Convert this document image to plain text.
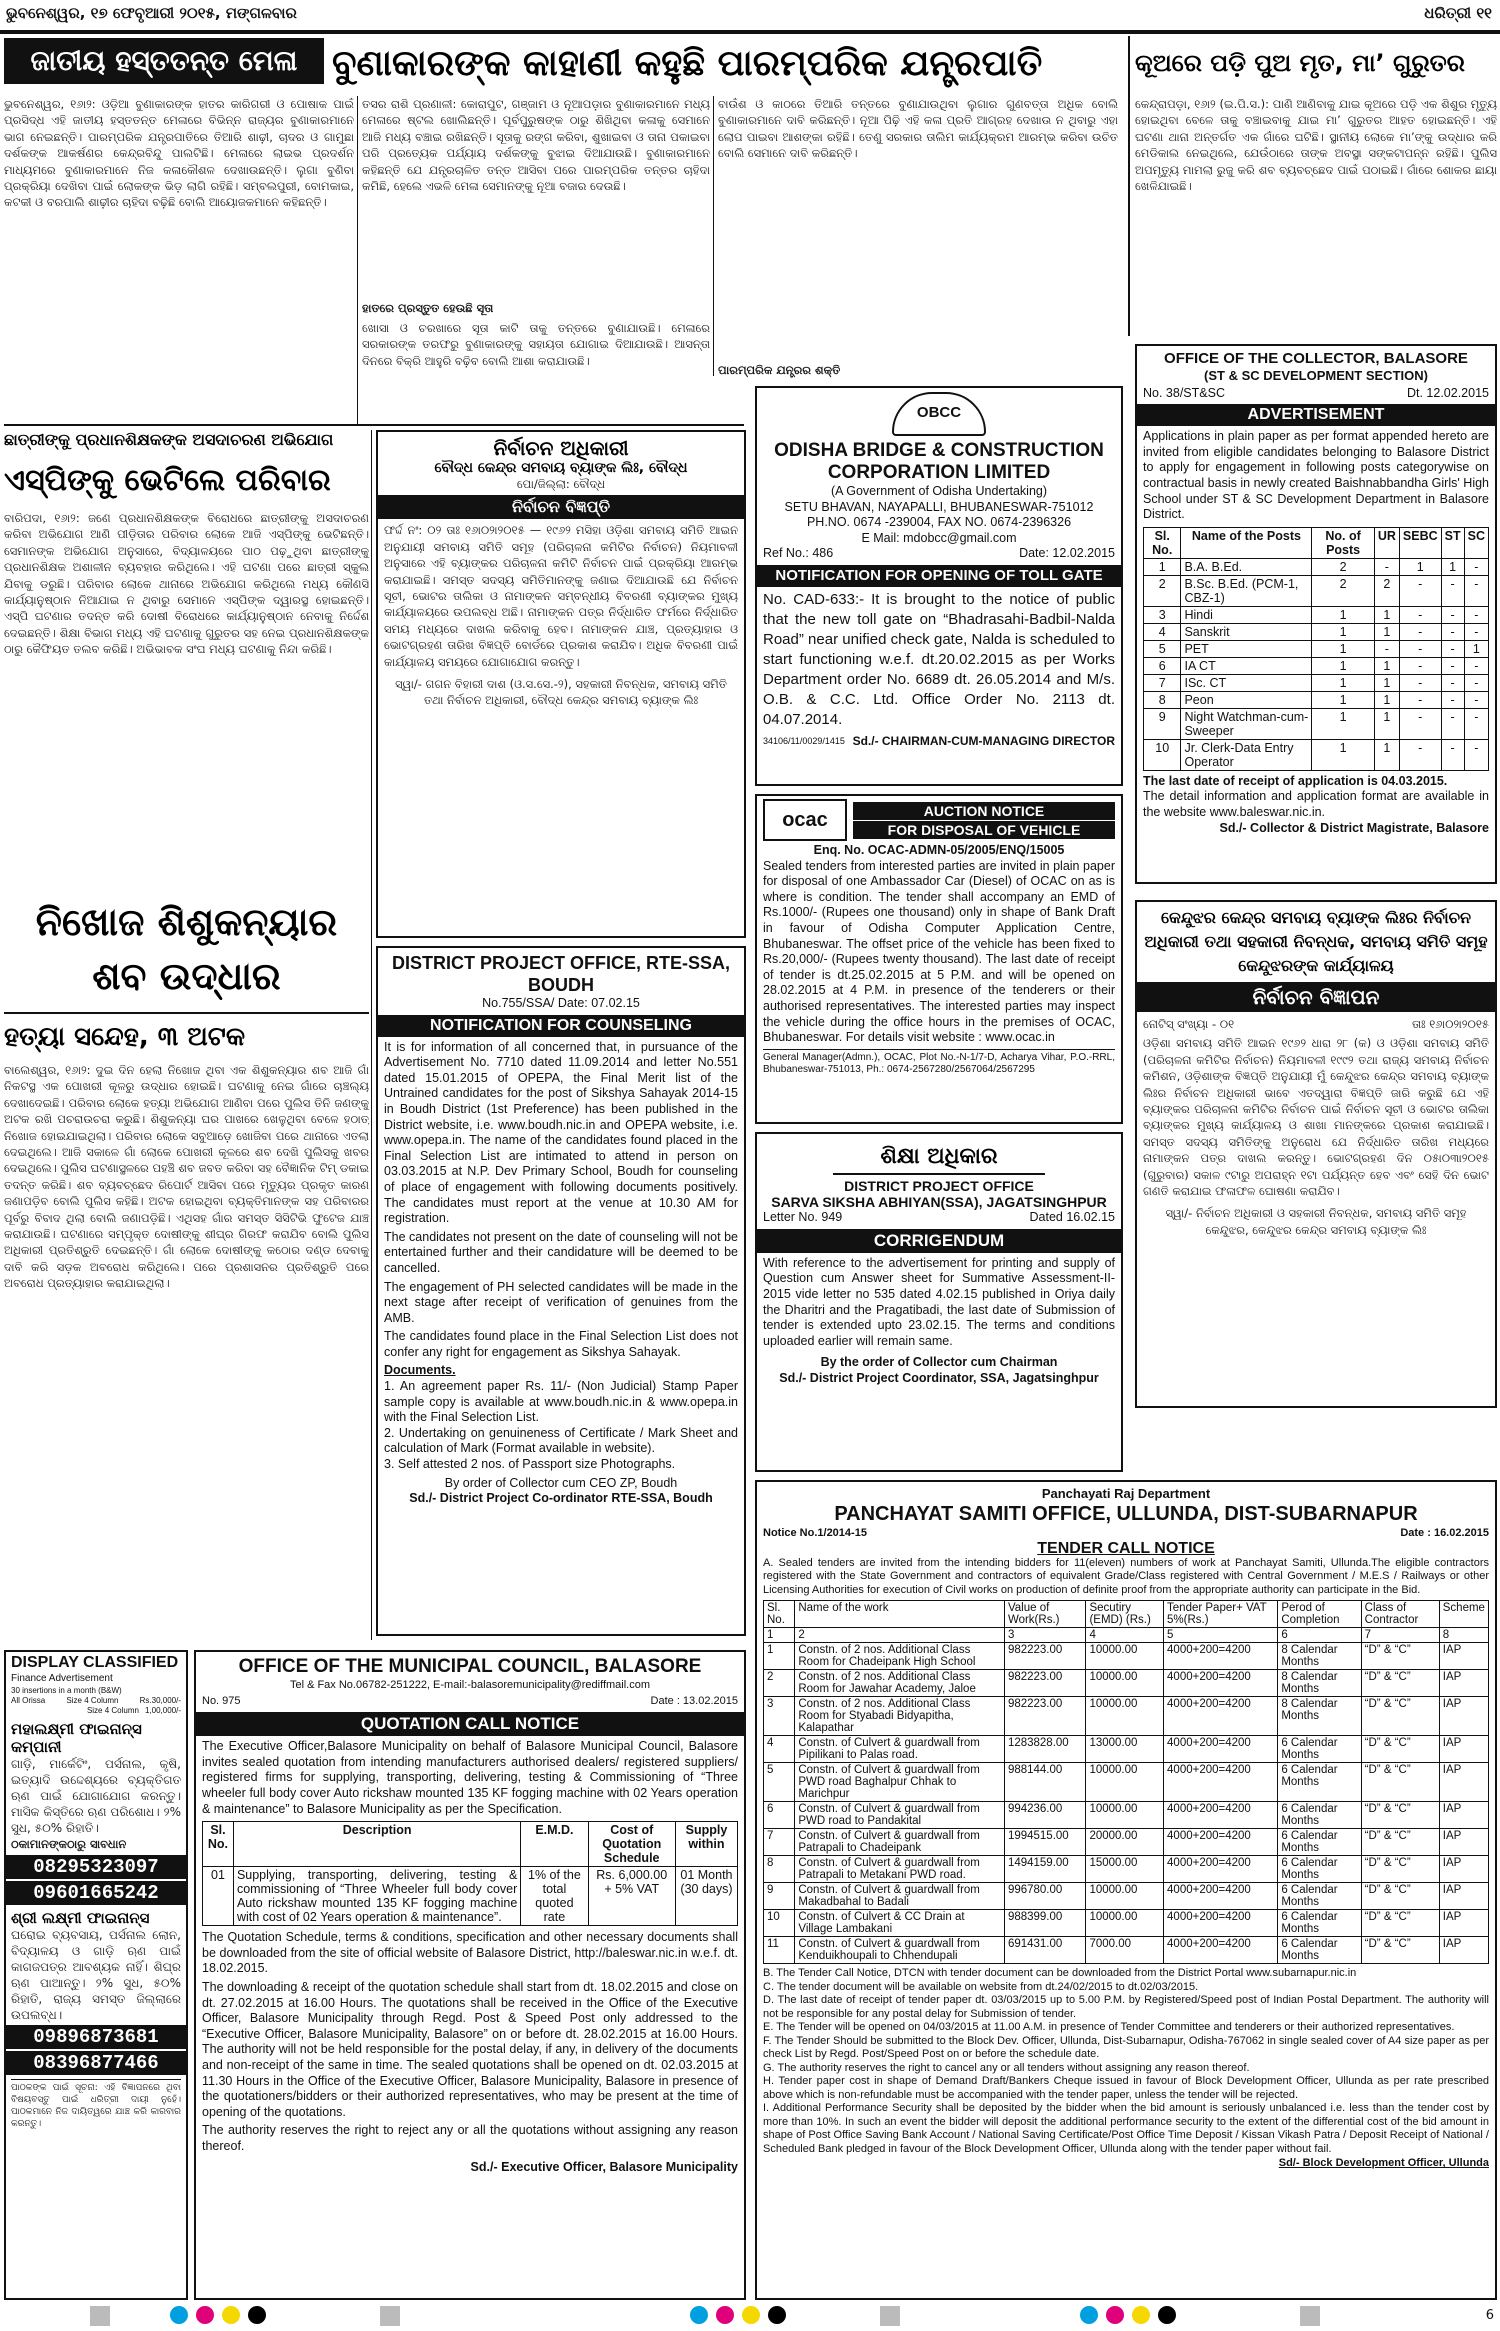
ଭୁବନେଶ୍ୱର, ୧୭ ଫେବୃଆରୀ ୨୦୧୫, ମଙ୍ଗଳବାର	ଧରିତ୍ରୀ ୧୧
ଜାତୀୟ ହସ୍ତତନ୍ତ ମେଳା ବୁଣାକାରଙ୍କ କାହାଣୀ କହୁଛି ପାରମ୍ପରିକ ଯନ୍ତ୍ରପାତି
ଭୁବନେଶ୍ୱର, ୧୬ା୨: ଓଡ଼ିଆ ବୁଣାକାରଙ୍କ ହାତର କାରିଗରୀ ଓ ପୋଷାକ ପାଇଁ ପ୍ରସିଦ୍ଧ ଏହି ଜାତୀୟ ହସ୍ତତନ୍ତ ମେଳାରେ ବିଭିନ୍ନ ରାଜ୍ୟର ବୁଣାକାରମାନେ ଭାଗ ନେଇଛନ୍ତି। ପାରମ୍ପରିକ ଯନ୍ତ୍ରପାତିରେ ତିଆରି ଶାଢ଼ୀ, ଚାଦର ଓ ଗାମୁଛା ଦର୍ଶକଙ୍କ ଆକର୍ଷଣର କେନ୍ଦ୍ରବିନ୍ଦୁ ପାଲଟିଛି। ମେଳାରେ ଲାଇଭ ପ୍ରଦର୍ଶନ ମାଧ୍ୟମରେ ବୁଣାକାରମାନେ ନିଜ କଳାକୌଶଳ ଦେଖାଉଛନ୍ତି। ଲୁଗା ବୁଣିବା ପ୍ରକ୍ରିୟା ଦେଖିବା ପାଇଁ ଲୋକଙ୍କ ଭିଡ଼ ଲାଗି ରହିଛି। ସମ୍ବଲପୁରୀ, ବୋମକାଇ, କଟକୀ ଓ ବରପାଲି ଶାଢ଼ୀର ଚାହିଦା ବଢ଼ିଛି ବୋଲି ଆୟୋଜକମାନେ କହିଛନ୍ତି।
ତସର ରାଶି ପ୍ରଣାଳୀ: କୋରାପୁଟ, ଗଞ୍ଜାମ ଓ ନୂଆପଡ଼ାର ବୁଣାକାରମାନେ ମଧ୍ୟ ମେଳାରେ ଷ୍ଟଲ ଖୋଲିଛନ୍ତି। ପୂର୍ବପୁରୁଷଙ୍କ ଠାରୁ ଶିଖିଥିବା କଳାକୁ ସେମାନେ ଆଜି ମଧ୍ୟ ବଞ୍ଚାଇ ରଖିଛନ୍ତି। ସୂତାକୁ ରଙ୍ଗ କରିବା, ଶୁଖାଇବା ଓ ତାନା ପକାଇବା ପରି ପ୍ରତ୍ୟେକ ପର୍ଯ୍ୟାୟ ଦର୍ଶକଙ୍କୁ ବୁଝାଇ ଦିଆଯାଉଛି। ବୁଣାକାରମାନେ କହିଛନ୍ତି ଯେ ଯନ୍ତ୍ରଚାଳିତ ତନ୍ତ ଆସିବା ପରେ ପାରମ୍ପରିକ ତନ୍ତର ଚାହିଦା କମିଛି, ହେଲେ ଏଭଳି ମେଳା ସେମାନଙ୍କୁ ନୂଆ ବଜାର ଦେଉଛି।
ହାତରେ ପ୍ରସ୍ତୁତ ହେଉଛି ସୂତା
ଖୋସା ଓ ଚରଖାରେ ସୂତା କାଟି ତାକୁ ତନ୍ତରେ ବୁଣାଯାଉଛି। ମେଳାରେ ସରକାରଙ୍କ ତରଫରୁ ବୁଣାକାରଙ୍କୁ ସହାୟତା ଯୋଗାଇ ଦିଆଯାଉଛି। ଆସନ୍ତା ଦିନରେ ବିକ୍ରି ଆହୁରି ବଢ଼ିବ ବୋଲି ଆଶା କରାଯାଉଛି।
ବାଉଁଶ ଓ କାଠରେ ତିଆରି ତନ୍ତରେ ବୁଣାଯାଉଥିବା ଲୁଗାର ଗୁଣବତ୍ତା ଅଧିକ ବୋଲି ବୁଣାକାରମାନେ ଦାବି କରିଛନ୍ତି। ନୂଆ ପିଢ଼ି ଏହି କଳା ପ୍ରତି ଆଗ୍ରହ ଦେଖାଉ ନ ଥିବାରୁ ଏହା ଲୋପ ପାଇବା ଆଶଙ୍କା ରହିଛି। ତେଣୁ ସରକାର ତାଲିମ କାର୍ଯ୍ୟକ୍ରମ ଆରମ୍ଭ କରିବା ଉଚିତ ବୋଲି ସେମାନେ ଦାବି କରିଛନ୍ତି।
ପାରମ୍ପରିକ ଯନ୍ତ୍ରର ଶକ୍ତି
କୂଅରେ ପଡ଼ି ପୁଅ ମୃତ, ମା’ ଗୁରୁତର
କେନ୍ଦ୍ରାପଡ଼ା, ୧୬ା୨ (ଇ.ପି.ସ.): ପାଣି ଆଣିବାକୁ ଯାଇ କୂଅରେ ପଡ଼ି ଏକ ଶିଶୁର ମୃତ୍ୟୁ ହୋଇଥିବା ବେଳେ ତାକୁ ବଞ୍ଚାଇବାକୁ ଯାଇ ମା’ ଗୁରୁତର ଆହତ ହୋଇଛନ୍ତି। ଏହି ଘଟଣା ଥାନା ଅନ୍ତର୍ଗତ ଏକ ଗାଁରେ ଘଟିଛି। ସ୍ଥାନୀୟ ଲୋକେ ମା’ଙ୍କୁ ଉଦ୍ଧାର କରି ମେଡିକାଲ ନେଇଥିଲେ, ଯେଉଁଠାରେ ତାଙ୍କ ଅବସ୍ଥା ସଙ୍କଟାପନ୍ନ ରହିଛି। ପୁଲିସ ଅପମୃତ୍ୟୁ ମାମଲା ରୁଜୁ କରି ଶବ ବ୍ୟବଚ୍ଛେଦ ପାଇଁ ପଠାଇଛି। ଗାଁରେ ଶୋକର ଛାୟା ଖେଳିଯାଇଛି।
OFFICE OF THE COLLECTOR, BALASORE
(ST & SC DEVELOPMENT SECTION)
No. 38/ST&SC	Dt. 12.02.2015
ADVERTISEMENT
Applications in plain paper as per format appended hereto are invited from eligible candidates belonging to Balasore District to apply for engagement in following posts categorywise on contractual basis in newly created Baishnabbandha Girls' High School under ST & SC Development Department in Balasore District.
Sl. No.	Name of the Posts	No. of Posts	UR	SEBC	ST	SC
1	B.A. B.Ed.	2	-	1	1	-
2	B.Sc. B.Ed. (PCM-1, CBZ-1)	2	2	-	-	-
3	Hindi	1	1	-	-	-
4	Sanskrit	1	1	-	-	-
5	PET	1	-	-	-	1
6	IA CT	1	1	-	-	-
7	ISc. CT	1	1	-	-	-
8	Peon	1	1	-	-	-
9	Night Watchman-cum-Sweeper	1	1	-	-	-
10	Jr. Clerk-Data Entry Operator	1	1	-	-	-
The last date of receipt of application is 04.03.2015.
The detail information and application format are available in the website www.baleswar.nic.in.
Sd./- Collector & District Magistrate, Balasore
ଛାତ୍ରୀଙ୍କୁ ପ୍ରଧାନଶିକ୍ଷକଙ୍କ ଅସଦାଚରଣ ଅଭିଯୋଗ
ଏସ୍‌ପିଙ୍କୁ ଭେଟିଲେ ପରିବାର
ବାରିପଦା, ୧୬ା୨: ଜଣେ ପ୍ରଧାନଶିକ୍ଷକଙ୍କ ବିରୋଧରେ ଛାତ୍ରୀଙ୍କୁ ଅସଦାଚରଣ କରିବା ଅଭିଯୋଗ ଆଣି ପୀଡ଼ିତାର ପରିବାର ଲୋକେ ଆଜି ଏସ୍‌ପିଙ୍କୁ ଭେଟିଛନ୍ତି। ସେମାନଙ୍କ ଅଭିଯୋଗ ଅନୁସାରେ, ବିଦ୍ୟାଳୟରେ ପାଠ ପଢ଼ୁଥିବା ଛାତ୍ରୀଙ୍କୁ ପ୍ରଧାନଶିକ୍ଷକ ଅଶାଳୀନ ବ୍ୟବହାର କରିଥିଲେ। ଏହି ଘଟଣା ପରେ ଛାତ୍ରୀ ସ୍କୁଲ ଯିବାକୁ ଡରୁଛି। ପରିବାର ଲୋକେ ଥାନାରେ ଅଭିଯୋଗ କରିଥିଲେ ମଧ୍ୟ କୌଣସି କାର୍ଯ୍ୟାନୁଷ୍ଠାନ ନିଆଯାଇ ନ ଥିବାରୁ ସେମାନେ ଏସ୍‌ପିଙ୍କ ଦ୍ୱାରସ୍ଥ ହୋଇଛନ୍ତି। ଏସ୍‌ପି ଘଟଣାର ତଦନ୍ତ କରି ଦୋଷୀ ବିରୋଧରେ କାର୍ଯ୍ୟାନୁଷ୍ଠାନ ନେବାକୁ ନିର୍ଦ୍ଦେଶ ଦେଇଛନ୍ତି। ଶିକ୍ଷା ବିଭାଗ ମଧ୍ୟ ଏହି ଘଟଣାକୁ ଗୁରୁତର ସହ ନେଇ ପ୍ରଧାନଶିକ୍ଷକଙ୍କ ଠାରୁ କୈଫିୟତ ତଲବ କରିଛି। ଅଭିଭାବକ ସଂଘ ମଧ୍ୟ ଘଟଣାକୁ ନିନ୍ଦା କରିଛି।
ନିଖୋଜ ଶିଶୁକନ୍ୟାର ଶବ ଉଦ୍ଧାର
ହତ୍ୟା ସନ୍ଦେହ, ୩ ଅଟକ
ବାଲେଶ୍ୱର, ୧୬ା୨: ଦୁଇ ଦିନ ହେଲା ନିଖୋଜ ଥିବା ଏକ ଶିଶୁକନ୍ୟାର ଶବ ଆଜି ଗାଁ ନିକଟସ୍ଥ ଏକ ପୋଖରୀ କୂଳରୁ ଉଦ୍ଧାର ହୋଇଛି। ଘଟଣାକୁ ନେଇ ଗାଁରେ ଚାଞ୍ଚଲ୍ୟ ଦେଖାଦେଇଛି। ପରିବାର ଲୋକେ ହତ୍ୟା ଅଭିଯୋଗ ଆଣିବା ପରେ ପୁଲିସ ତିନି ଜଣଙ୍କୁ ଅଟକ ରଖି ପଚରାଉଚରା କରୁଛି। ଶିଶୁକନ୍ୟା ଘର ପାଖରେ ଖେଳୁଥିବା ବେଳେ ହଠାତ୍ ନିଖୋଜ ହୋଇଯାଇଥିଲା। ପରିବାର ଲୋକେ ସବୁଆଡ଼େ ଖୋଜିବା ପରେ ଥାନାରେ ଏତଲା ଦେଇଥିଲେ। ଆଜି ସକାଳେ ଗାଁ ଲୋକେ ପୋଖରୀ କୂଳରେ ଶବ ଦେଖି ପୁଲିସକୁ ଖବର ଦେଇଥିଲେ। ପୁଲିସ ଘଟଣାସ୍ଥଳରେ ପହଞ୍ଚି ଶବ ଜବତ କରିବା ସହ ବୈଜ୍ଞାନିକ ଟିମ୍ ଡକାଇ ତଦନ୍ତ କରିଛି। ଶବ ବ୍ୟବଚ୍ଛେଦ ରିପୋର୍ଟ ଆସିବା ପରେ ମୃତ୍ୟୁର ପ୍ରକୃତ କାରଣ ଜଣାପଡ଼ିବ ବୋଲି ପୁଲିସ କହିଛି। ଅଟକ ହୋଇଥିବା ବ୍ୟକ୍ତିମାନଙ୍କ ସହ ପରିବାରର ପୂର୍ବରୁ ବିବାଦ ଥିଲା ବୋଲି ଜଣାପଡ଼ିଛି। ଏଥିସହ ଗାଁର ସମସ୍ତ ସିସିଟିଭି ଫୁଟେଜ ଯାଞ୍ଚ କରାଯାଉଛି। ଘଟଣାରେ ସମ୍ପୃକ୍ତ ଦୋଷୀଙ୍କୁ ଶୀଘ୍ର ଗିରଫ କରାଯିବ ବୋଲି ପୁଲିସ ଅଧିକାରୀ ପ୍ରତିଶ୍ରୁତି ଦେଇଛନ୍ତି। ଗାଁ ଲୋକେ ଦୋଷୀଙ୍କୁ କଠୋର ଦଣ୍ଡ ଦେବାକୁ ଦାବି କରି ସଡ଼କ ଅବରୋଧ କରିଥିଲେ। ପରେ ପ୍ରଶାସନର ପ୍ରତିଶ୍ରୁତି ପରେ ଅବରୋଧ ପ୍ରତ୍ୟାହାର କରାଯାଇଥିଲା।
ନିର୍ବାଚନ ଅଧିକାରୀ
ବୌଦ୍ଧ କେନ୍ଦ୍ର ସମବାୟ ବ୍ୟାଙ୍କ ଲିଃ, ବୌଦ୍ଧ
ପୋ/ଜିଲ୍ଲା: ବୌଦ୍ଧ
ନିର୍ବାଚନ ବିଜ୍ଞପ୍ତି
ଫର୍ଦ୍ଦ ନଂ: ୦୨ ତାଃ ୧୬ା୦୨ା୨୦୧୫ — ୧୯୬୨ ମସିହା ଓଡ଼ିଶା ସମବାୟ ସମିତି ଆଇନ ଅନୁଯାୟୀ ସମବାୟ ସମିତି ସମୂହ (ପରିଚାଳନା କମିଟିର ନିର୍ବାଚନ) ନିୟମାବଳୀ ଅନୁସାରେ ଏହି ବ୍ୟାଙ୍କର ପରିଚାଳନା କମିଟି ନିର୍ବାଚନ ପାଇଁ ପ୍ରକ୍ରିୟା ଆରମ୍ଭ କରାଯାଇଛି। ସମସ୍ତ ସଦସ୍ୟ ସମିତିମାନଙ୍କୁ ଜଣାଇ ଦିଆଯାଉଛି ଯେ ନିର୍ବାଚନ ସୂଚୀ, ଭୋଟର ତାଲିକା ଓ ନାମାଙ୍କନ ସମ୍ବନ୍ଧୀୟ ବିବରଣୀ ବ୍ୟାଙ୍କର ମୁଖ୍ୟ କାର୍ଯ୍ୟାଳୟରେ ଉପଲବ୍ଧ ଅଛି। ନାମାଙ୍କନ ପତ୍ର ନିର୍ଦ୍ଧାରିତ ଫର୍ମରେ ନିର୍ଦ୍ଧାରିତ ସମୟ ମଧ୍ୟରେ ଦାଖଲ କରିବାକୁ ହେବ। ନାମାଙ୍କନ ଯାଞ୍ଚ, ପ୍ରତ୍ୟାହାର ଓ ଭୋଟଗ୍ରହଣ ତାରିଖ ବିଜ୍ଞପ୍ତି ବୋର୍ଡରେ ପ୍ରକାଶ କରାଯିବ। ଅଧିକ ବିବରଣୀ ପାଇଁ କାର୍ଯ୍ୟାଳୟ ସମୟରେ ଯୋଗାଯୋଗ କରନ୍ତୁ।
ସ୍ୱା/- ଗଗନ ବିହାରୀ ଦାଶ (ଓ.ସ.ସେ.-୨), ସହକାରୀ ନିବନ୍ଧକ, ସମବାୟ ସମିତି ତଥା ନିର୍ବାଚନ ଅଧିକାରୀ, ବୌଦ୍ଧ କେନ୍ଦ୍ର ସମବାୟ ବ୍ୟାଙ୍କ ଲିଃ
DISTRICT PROJECT OFFICE, RTE-SSA, BOUDH
No.755/SSA/ Date: 07.02.15
NOTIFICATION FOR COUNSELING
It is for information of all concerned that, in pursuance of the Advertisement No. 7710 dated 11.09.2014 and letter No.551 dated 15.01.2015 of OPEPA, the Final Merit list of the Untrained candidates for the post of Sikshya Sahayak 2014-15 in Boudh District (1st Preference) has been published in the District website, i.e. www.boudh.nic.in and OPEPA website, i.e. www.opepa.in. The name of the candidates found placed in the Final Selection List are intimated to attend in person on 03.03.2015 at N.P. Dev Primary School, Boudh for counseling of place of engagement with following documents positively. The candidates must report at the venue at 10.30 AM for registration.
The candidates not present on the date of counseling will not be entertained further and their candidature will be deemed to be cancelled.
The engagement of PH selected candidates will be made in the next stage after receipt of verification of genuines from the AMB.
The candidates found place in the Final Selection List does not confer any right for engagement as Sikshya Sahayak.
Documents.
1. An agreement paper Rs. 11/- (Non Judicial) Stamp Paper sample copy is available at www.boudh.nic.in & www.opepa.in with the Final Selection List.
2. Undertaking on genuineness of Certificate / Mark Sheet and calculation of Mark (Format available in website).
3. Self attested 2 nos. of Passport size Photographs.
By order of Collector cum CEO ZP, Boudh
Sd./- District Project Co-ordinator RTE-SSA, Boudh
OBCC
ODISHA BRIDGE & CONSTRUCTION CORPORATION LIMITED
(A Government of Odisha Undertaking)
SETU BHAVAN, NAYAPALLI, BHUBANESWAR-751012
PH.NO. 0674 -239004, FAX NO. 0674-2396326
E Mail: mdobcc@gmail.com
Ref No.: 486	Date: 12.02.2015
NOTIFICATION FOR OPENING OF TOLL GATE
No. CAD-633:- It is brought to the notice of public that the new toll gate on “Bhadrasahi-Badbil-Nalda Road” near unified check gate, Nalda is scheduled to start functioning w.e.f. dt.20.02.2015 as per Works Department order No. 6689 dt. 26.05.2014 and M/s. O.B. & C.C. Ltd. Office Order No. 2113 dt. 04.07.2014.
34106/11/0029/1415 Sd./- CHAIRMAN-CUM-MANAGING DIRECTOR
ocac	AUCTION NOTICE
FOR DISPOSAL OF VEHICLE
Enq. No. OCAC-ADMN-05/2005/ENQ/15005
Sealed tenders from interested parties are invited in plain paper for disposal of one Ambassador Car (Diesel) of OCAC on as is where is condition. The tender shall accompany an EMD of Rs.1000/- (Rupees one thousand) only in shape of Bank Draft in favour of Odisha Computer Application Centre, Bhubaneswar. The offset price of the vehicle has been fixed to Rs.20,000/- (Rupees twenty thousand). The last date of receipt of tender is dt.25.02.2015 at 5 P.M. and will be opened on 28.02.2015 at 4 P.M. in presence of the tenderers or their authorised representatives. The interested parties may inspect the vehicle during the office hours in the premises of OCAC, Bhubaneswar. For details visit website : www.ocac.in
General Manager(Admn.), OCAC, Plot No.-N-1/7-D, Acharya Vihar, P.O.-RRL, Bhubaneswar-751013, Ph.: 0674-2567280/2567064/2567295
ଶିକ୍ଷା ଅଧିକାର
DISTRICT PROJECT OFFICE
SARVA SIKSHA ABHIYAN(SSA), JAGATSINGHPUR
Letter No. 949	Dated 16.02.15
CORRIGENDUM
With reference to the advertisement for printing and supply of Question cum Answer sheet for Summative Assessment-II-2015 vide letter no 535 dated 4.02.15 published in Oriya daily the Dharitri and the Pragatibadi, the last date of Submission of tender is extended upto 23.02.15. The terms and conditions uploaded earlier will remain same.
By the order of Collector cum Chairman
Sd./- District Project Coordinator, SSA, Jagatsinghpur
କେନ୍ଦୁଝର କେନ୍ଦ୍ର ସମବାୟ ବ୍ୟାଙ୍କ ଲିଃର ନିର୍ବାଚନ ଅଧିକାରୀ ତଥା ସହକାରୀ ନିବନ୍ଧକ, ସମବାୟ ସମିତି ସମୂହ କେନ୍ଦୁଝରଙ୍କ କାର୍ଯ୍ୟାଳୟ
ନିର୍ବାଚନ ବିଜ୍ଞାପନ
ନୋଟିସ୍ ସଂଖ୍ୟା - ୦୧	ତାଃ ୧୬ା୦୨ା୨୦୧୫
ଓଡ଼ିଶା ସମବାୟ ସମିତି ଆଇନ ୧୯୬୨ ଧାରା ୨୮ (କ) ଓ ଓଡ଼ିଶା ସମବାୟ ସମିତି (ପରିଚାଳନା କମିଟିର ନିର୍ବାଚନ) ନିୟମାବଳୀ ୧୯୯୨ ତଥା ରାଜ୍ୟ ସମବାୟ ନିର୍ବାଚନ କମିଶନ, ଓଡ଼ିଶାଙ୍କ ବିଜ୍ଞପ୍ତି ଅନୁଯାୟୀ ମୁଁ କେନ୍ଦୁଝର କେନ୍ଦ୍ର ସମବାୟ ବ୍ୟାଙ୍କ ଲିଃର ନିର୍ବାଚନ ଅଧିକାରୀ ଭାବେ ଏତଦ୍ୱାରା ବିଜ୍ଞପ୍ତି ଜାରି କରୁଛି ଯେ ଏହି ବ୍ୟାଙ୍କର ପରିଚାଳନା କମିଟିର ନିର୍ବାଚନ ପାଇଁ ନିର୍ବାଚନ ସୂଚୀ ଓ ଭୋଟର ତାଲିକା ବ୍ୟାଙ୍କର ମୁଖ୍ୟ କାର୍ଯ୍ୟାଳୟ ଓ ଶାଖା ମାନଙ୍କରେ ପ୍ରକାଶ କରାଯାଇଛି। ସମସ୍ତ ସଦସ୍ୟ ସମିତିଙ୍କୁ ଅନୁରୋଧ ଯେ ନିର୍ଦ୍ଧାରିତ ତାରିଖ ମଧ୍ୟରେ ନାମାଙ୍କନ ପତ୍ର ଦାଖଲ କରନ୍ତୁ। ଭୋଟଗ୍ରହଣ ଦିନ ୦୫ା୦୩ା୨୦୧୫ (ଗୁରୁବାର) ସକାଳ ୯ଟାରୁ ଅପରାହ୍ନ ୧ଟା ପର୍ଯ୍ୟନ୍ତ ହେବ ଏବଂ ସେହି ଦିନ ଭୋଟ ଗଣତି କରାଯାଇ ଫଳାଫଳ ଘୋଷଣା କରାଯିବ।
ସ୍ୱା/- ନିର୍ବାଚନ ଅଧିକାରୀ ଓ ସହକାରୀ ନିବନ୍ଧକ, ସମବାୟ ସମିତି ସମୂହ କେନ୍ଦୁଝର, କେନ୍ଦୁଝର କେନ୍ଦ୍ର ସମବାୟ ବ୍ୟାଙ୍କ ଲିଃ
DISPLAY CLASSIFIED
Finance Advertisement
30 insertions in a month (B&W)
All Orissa	Size 4 Column	Rs.30,000/-
Size 4 Column 1,00,000/-
ମହାଲକ୍ଷ୍ମୀ ଫାଇନାନ୍ସ କମ୍ପାନୀ
ଗାଡ଼ି, ମାର୍କେଟିଂ, ପର୍ସନାଲ, କୃଷି, ଇତ୍ୟାଦି ଉଦ୍ଦେଶ୍ୟରେ ବ୍ୟକ୍ତିଗତ ଋଣ ପାଇଁ ଯୋଗାଯୋଗ କରନ୍ତୁ। ମାସିକ କିସ୍ତିରେ ଋଣ ପରିଶୋଧ। ୨% ସୁଧ, ୫୦% ରିହାତି।
ଠକାମାନଙ୍କଠାରୁ ସାବଧାନ
08295323097
09601665242
ଶ୍ରୀ ଲକ୍ଷ୍ମୀ ଫାଇନାନ୍ସ
ଘରୋଇ ବ୍ୟବସାୟ, ପର୍ସନାଲ ଲୋନ, ବିଦ୍ୟାଳୟ ଓ ଗାଡ଼ି ଋଣ ପାଇଁ କାଗଜପତ୍ର ଆବଶ୍ୟକ ନାହିଁ। ଶିଘ୍ର ଋଣ ପାଆନ୍ତୁ। ୨% ସୁଧ, ୫୦% ରିହାତି, ରାଜ୍ୟ ସମସ୍ତ ଜିଲ୍ଲାରେ ଉପଲବ୍ଧ।
09896873681
08396877466
ପାଠକଙ୍କ ପାଇଁ ସୂଚନା: ଏହି ବିଜ୍ଞାପନରେ ଥିବା ବିଷୟବସ୍ତୁ ପାଇଁ ଧରିତ୍ରୀ ଦାୟୀ ନୁହେଁ। ପାଠକମାନେ ନିଜ ଦାୟିତ୍ୱରେ ଯାଞ୍ଚ କରି କାରବାର କରନ୍ତୁ।
OFFICE OF THE MUNICIPAL COUNCIL, BALASORE
Tel & Fax No.06782-251222, E-mail:-balasoremunicipality@rediffmail.com
No. 975	Date : 13.02.2015
QUOTATION CALL NOTICE
The Executive Officer,Balasore Municipality on behalf of Balasore Municipal Council, Balasore invites sealed quotation from intending manufacturers authorised dealers/ registered suppliers/ registered firms for supplying, transporting, delivering, testing & Commissioning of “Three wheeler full body cover Auto rickshaw mounted 135 KF fogging machine with 02 Years operation & maintenance” to Balasore Municipality as per the Specification.
Sl. No.	Description	E.M.D.	Cost of Quotation Schedule	Supply within
01	Supplying, transporting, delivering, testing & commissioning of “Three Wheeler full body cover Auto rickshaw mounted 135 KF fogging machine with cost of 02 Years operation & maintenance”.	1% of the total quoted rate	Rs. 6,000.00 + 5% VAT	01 Month (30 days)
The Quotation Schedule, terms & conditions, specification and other necessary documents shall be downloaded from the site of official website of Balasore District, http://baleswar.nic.in w.e.f. dt. 18.02.2015.
The downloading & receipt of the quotation schedule shall start from dt. 18.02.2015 and close on dt. 27.02.2015 at 16.00 Hours. The quotations shall be received in the Office of the Executive Officer, Balasore Municipality through Regd. Post & Speed Post only addressed to the “Executive Officer, Balasore Municipality, Balasore” on or before dt. 28.02.2015 at 16.00 Hours. The authority will not be held responsible for the postal delay, if any, in delivery of the documents and non-receipt of the same in time. The sealed quotations shall be opened on dt. 02.03.2015 at 11.30 Hours in the Office of the Executive Officer, Balasore Municipality, Balasore in presence of the quotationers/bidders or their authorized representatives, who may be present at the time of opening of the quotations.
The authority reserves the right to reject any or all the quotations without assigning any reason thereof.
Sd./- Executive Officer, Balasore Municipality
Panchayati Raj Department
PANCHAYAT SAMITI OFFICE, ULLUNDA, DIST-SUBARNAPUR
Notice No.1/2014-15	Date : 16.02.2015
TENDER CALL NOTICE
A. Sealed tenders are invited from the intending bidders for 11(eleven) numbers of work at Panchayat Samiti, Ullunda.The eligible contractors registered with the State Government and contractors of equivalent Grade/Class registered with Central Government / M.E.S / Railways or other Licensing Authorities for execution of Civil works on production of definite proof from the appropriate authority can participate in the Bid.
Sl. No.	Name of the work	Value of Work(Rs.)	Secutiry (EMD) (Rs.)	Tender Paper+ VAT 5%(Rs.)	Perod of Completion	Class of Contractor	Scheme
1	2	3	4	5	6	7	8
1	Constn. of 2 nos. Additional Class Room for Chadeipank High School	982223.00	10000.00	4000+200=4200	8 Calendar Months	“D” & “C”	IAP
2	Constn. of 2 nos. Additional Class Room for Jawahar Academy, Jaloe	982223.00	10000.00	4000+200=4200	8 Calendar Months	“D” & “C”	IAP
3	Constn. of 2 nos. Additional Class Room for Styabadi Bidyapitha, Kalapathar	982223.00	10000.00	4000+200=4200	8 Calendar Months	“D” & “C”	IAP
4	Constn. of Culvert & guardwall from Pipilikani to Palas road.	1283828.00	13000.00	4000+200=4200	6 Calendar Months	“D” & “C”	IAP
5	Constn. of Culvert & guardwall from PWD road Baghalpur Chhak to Marichpur	988144.00	10000.00	4000+200=4200	6 Calendar Months	“D” & “C”	IAP
6	Constn. of Culvert & guardwall from PWD road to Pandakital	994236.00	10000.00	4000+200=4200	6 Calendar Months	“D” & “C”	IAP
7	Constn. of Culvert & guardwall from Patrapali to Chadeipank	1994515.00	20000.00	4000+200=4200	6 Calendar Months	“D” & “C”	IAP
8	Constn. of Culvert & guardwall from Patrapali to Metakani PWD road.	1494159.00	15000.00	4000+200=4200	6 Calendar Months	“D” & “C”	IAP
9	Constn. of Culvert & guardwall from Makadbahal to Badali	996780.00	10000.00	4000+200=4200	6 Calendar Months	“D” & “C”	IAP
10	Constn. of Culvert & CC Drain at Village Lambakani	988399.00	10000.00	4000+200=4200	6 Calendar Months	“D” & “C”	IAP
11	Constn. of Culvert & guardwall from Kenduikhoupali to Chhendupali	691431.00	7000.00	4000+200=4200	6 Calendar Months	“D” & “C”	IAP
B. The Tender Call Notice, DTCN with tender document can be downloaded from the District Portal www.subarnapur.nic.in
C. The tender document will be available on website from dt.24/02/2015 to dt.02/03/2015.
D. The last date of receipt of tender paper dt. 03/03/2015 up to 5.00 P.M. by Registered/Speed post of Indian Postal Department. The authority will not be responsible for any postal delay for Submission of tender.
E. The Tender will be opened on 04/03/2015 at 11.00 A.M. in presence of Tender Committee and tenderers or their authorized representatives.
F. The Tender Should be submitted to the Block Dev. Officer, Ullunda, Dist-Subarnapur, Odisha-767062 in single sealed cover of A4 size paper as per check List by Regd. Post/Speed Post on or before the schedule date.
G. The authority reserves the right to cancel any or all tenders without assigning any reason thereof.
H. Tender paper cost in shape of Demand Draft/Bankers Cheque issued in favour of Block Development Officer, Ullunda as per rate prescribed above which is non-refundable must be accompanied with the tender paper, unless the tender will be rejected.
I. Additional Performance Security shall be deposited by the bidder when the bid amount is seriously unbalanced i.e. less than the tender cost by more than 10%. In such an event the bidder will deposit the additional performance security to the extent of the differential cost of the bid amount in shape of Post Office Saving Bank Account / National Saving Certificate/Post Office Time Deposit / Kissan Vikash Patra / Deposit Receipt of National / Scheduled Bank pledged in favour of the Block Development Officer, Ullunda along with the tender paper without fail.
Sd/- Block Development Officer, Ullunda
6
